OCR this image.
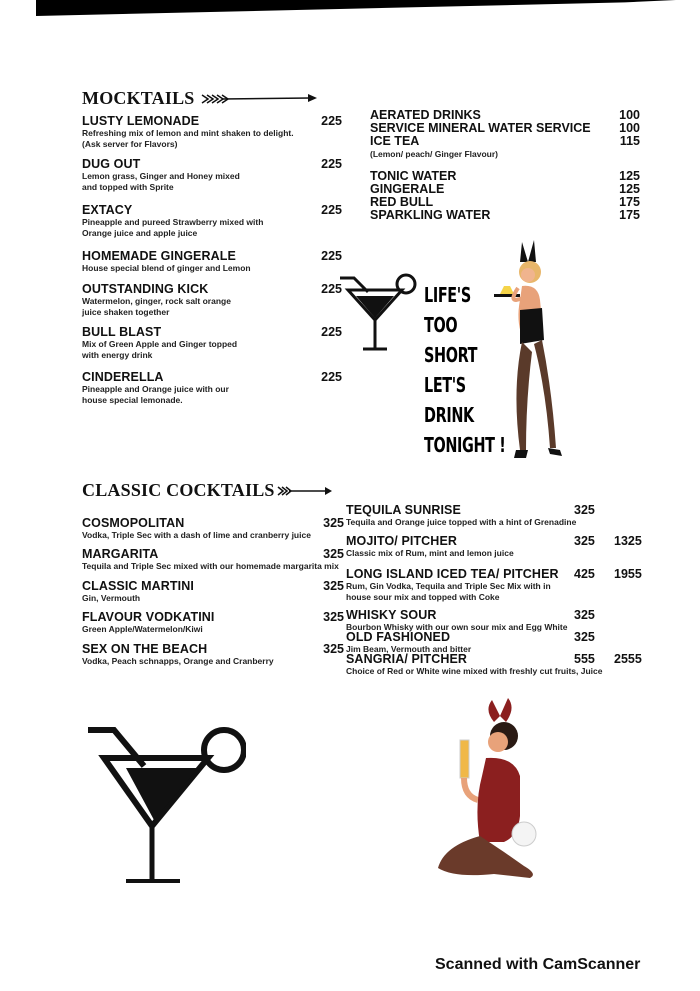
MOCKTAILS
LUSTY LEMONADE	225
Refreshing mix of lemon and mint shaken to delight.
(Ask server for Flavors)
DUG OUT	225
Lemon grass, Ginger and Honey mixed
and topped with Sprite
EXTACY	225
Pineapple and pureed Strawberry mixed with
Orange juice and apple juice
HOMEMADE GINGERALE	225
House special blend of ginger and Lemon
OUTSTANDING KICK	225
Watermelon, ginger, rock salt orange
juice shaken together
BULL BLAST	225
Mix of Green Apple and Ginger topped
with energy drink
CINDERELLA	225
Pineapple and Orange juice with our
house special lemonade.
AERATED DRINKS	100
SERVICE MINERAL WATER SERVICE 100
ICE TEA	115
(Lemon/ peach/ Ginger Flavour)
TONIC WATER	125
GINGERALE	125
RED BULL	175
SPARKLING WATER	175
LIFE'S
TOO
SHORT
LET'S
DRINK
TONIGHT !
CLASSIC COCKTAILS
COSMOPOLITAN	325
Vodka, Triple Sec with a dash of lime and cranberry juice
MARGARITA	325
Tequila and Triple Sec mixed with our homemade margarita mix
CLASSIC MARTINI	325
Gin, Vermouth
FLAVOUR VODKATINI	325
Green Apple/Watermelon/Kiwi
SEX ON THE BEACH	325
Vodka, Peach schnapps, Orange and Cranberry
TEQUILA SUNRISE	325
Tequila and Orange juice topped with a hint of Grenadine
MOJITO/ PITCHER	325	1325
Classic mix of Rum, mint and lemon juice
LONG ISLAND ICED TEA/ PITCHER	425	1955
Rum, Gin Vodka, Tequila and Triple Sec Mix with in
house sour mix and topped with Coke
WHISKY SOUR	325
Bourbon Whisky with our own sour mix and Egg White
OLD FASHIONED	325
Jim Beam, Vermouth and bitter
SANGRIA/ PITCHER	555	2555
Choice of Red or White wine mixed with freshly cut fruits, Juice
Scanned with CamScanner
